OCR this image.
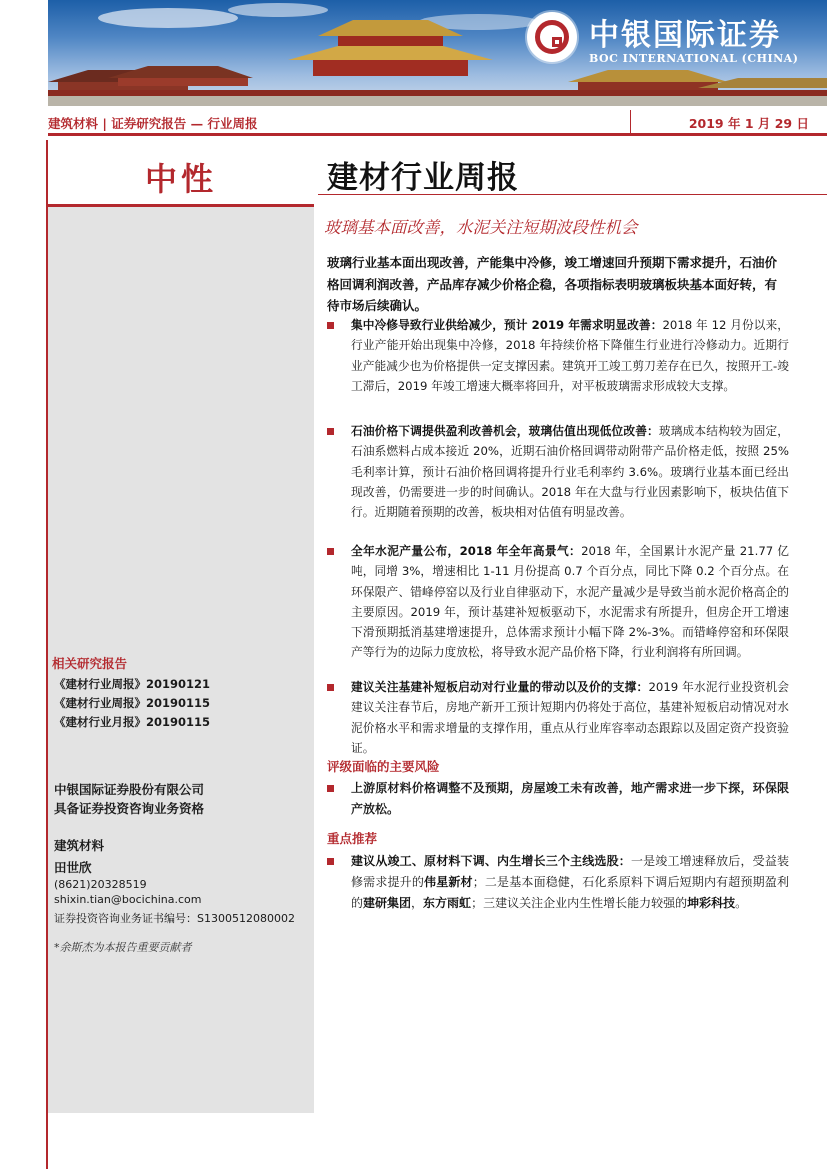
中银国际证券
BOC INTERNATIONAL (CHINA)
建筑材料 | 证券研究报告 — 行业周报	2019 年 1 月 29 日
中性
相关研究报告
《建材行业周报》20190121
《建材行业周报》20190115
《建材行业月报》20190115
中银国际证券股份有限公司
具备证券投资咨询业务资格
建筑材料
田世欣
(8621)20328519
shixin.tian@bocichina.com
证券投资咨询业务证书编号：S1300512080002
*余斯杰为本报告重要贡献者
建材行业周报
玻璃基本面改善，水泥关注短期波段性机会
玻璃行业基本面出现改善，产能集中冷修，竣工增速回升预期下需求提升，石油价格回调利润改善，产品库存减少价格企稳，各项指标表明玻璃板块基本面好转，有待市场后续确认。
集中冷修导致行业供给减少，预计 2019 年需求明显改善：2018 年 12 月份以来，行业产能开始出现集中冷修，2018 年持续价格下降催生行业进行冷修动力。近期行业产能减少也为价格提供一定支撑因素。建筑开工竣工剪刀差存在已久，按照开工-竣工滞后，2019 年竣工增速大概率将回升，对平板玻璃需求形成较大支撑。
石油价格下调提供盈利改善机会，玻璃估值出现低位改善：玻璃成本结构较为固定，石油系燃料占成本接近 20%，近期石油价格回调带动附带产品价格走低，按照 25%毛利率计算，预计石油价格回调将提升行业毛利率约 3.6%。玻璃行业基本面已经出现改善，仍需要进一步的时间确认。2018 年在大盘与行业因素影响下，板块估值下行。近期随着预期的改善，板块相对估值有明显改善。
全年水泥产量公布，2018 年全年高景气：2018 年，全国累计水泥产量 21.77 亿吨，同增 3%，增速相比 1-11 月份提高 0.7 个百分点，同比下降 0.2 个百分点。在环保限产、错峰停窑以及行业自律驱动下，水泥产量减少是导致当前水泥价格高企的主要原因。2019 年，预计基建补短板驱动下，水泥需求有所提升，但房企开工增速下滑预期抵消基建增速提升，总体需求预计小幅下降 2%-3%。而错峰停窑和环保限产等行为的边际力度放松，将导致水泥产品价格下降，行业利润将有所回调。
建议关注基建补短板启动对行业量的带动以及价的支撑：2019 年水泥行业投资机会建议关注春节后，房地产新开工预计短期内仍将处于高位，基建补短板启动情况对水泥价格水平和需求增量的支撑作用，重点从行业库容率动态跟踪以及固定资产投资验证。
评级面临的主要风险
上游原材料价格调整不及预期，房屋竣工未有改善，地产需求进一步下探，环保限产放松。
重点推荐
建议从竣工、原材料下调、内生增长三个主线选股：一是竣工增速释放后，受益装修需求提升的伟星新材；二是基本面稳健，石化系原料下调后短期内有超预期盈利的建研集团，东方雨虹；三建议关注企业内生性增长能力较强的坤彩科技。
